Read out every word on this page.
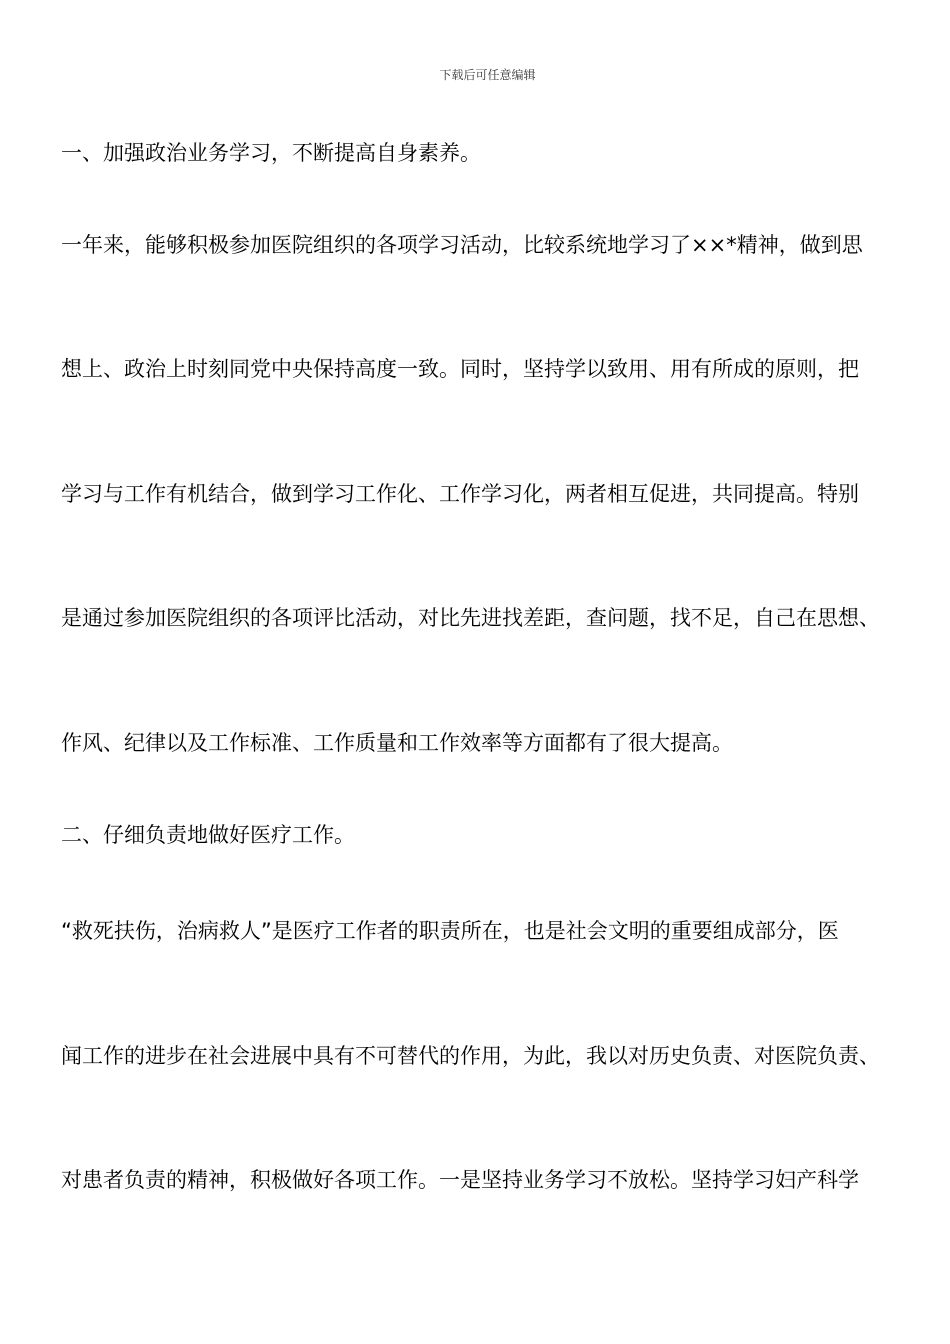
下载后可任意编辑
一、加强政治业务学习，不断提高自身素养。
一年来，能够积极参加医院组织的各项学习活动，比较系统地学习了××*精神，做到思
想上、政治上时刻同党中央保持高度一致。同时，坚持学以致用、用有所成的原则，把
学习与工作有机结合，做到学习工作化、工作学习化，两者相互促进，共同提高。特别
是通过参加医院组织的各项评比活动，对比先进找差距，查问题，找不足，自己在思想、
作风、纪律以及工作标准、工作质量和工作效率等方面都有了很大提高。
二、仔细负责地做好医疗工作。
“救死扶伤，治病救人”是医疗工作者的职责所在，也是社会文明的重要组成部分，医
闻工作的进步在社会进展中具有不可替代的作用，为此，我以对历史负责、对医院负责、
对患者负责的精神，积极做好各项工作。一是坚持业务学习不放松。坚持学习妇产科学
